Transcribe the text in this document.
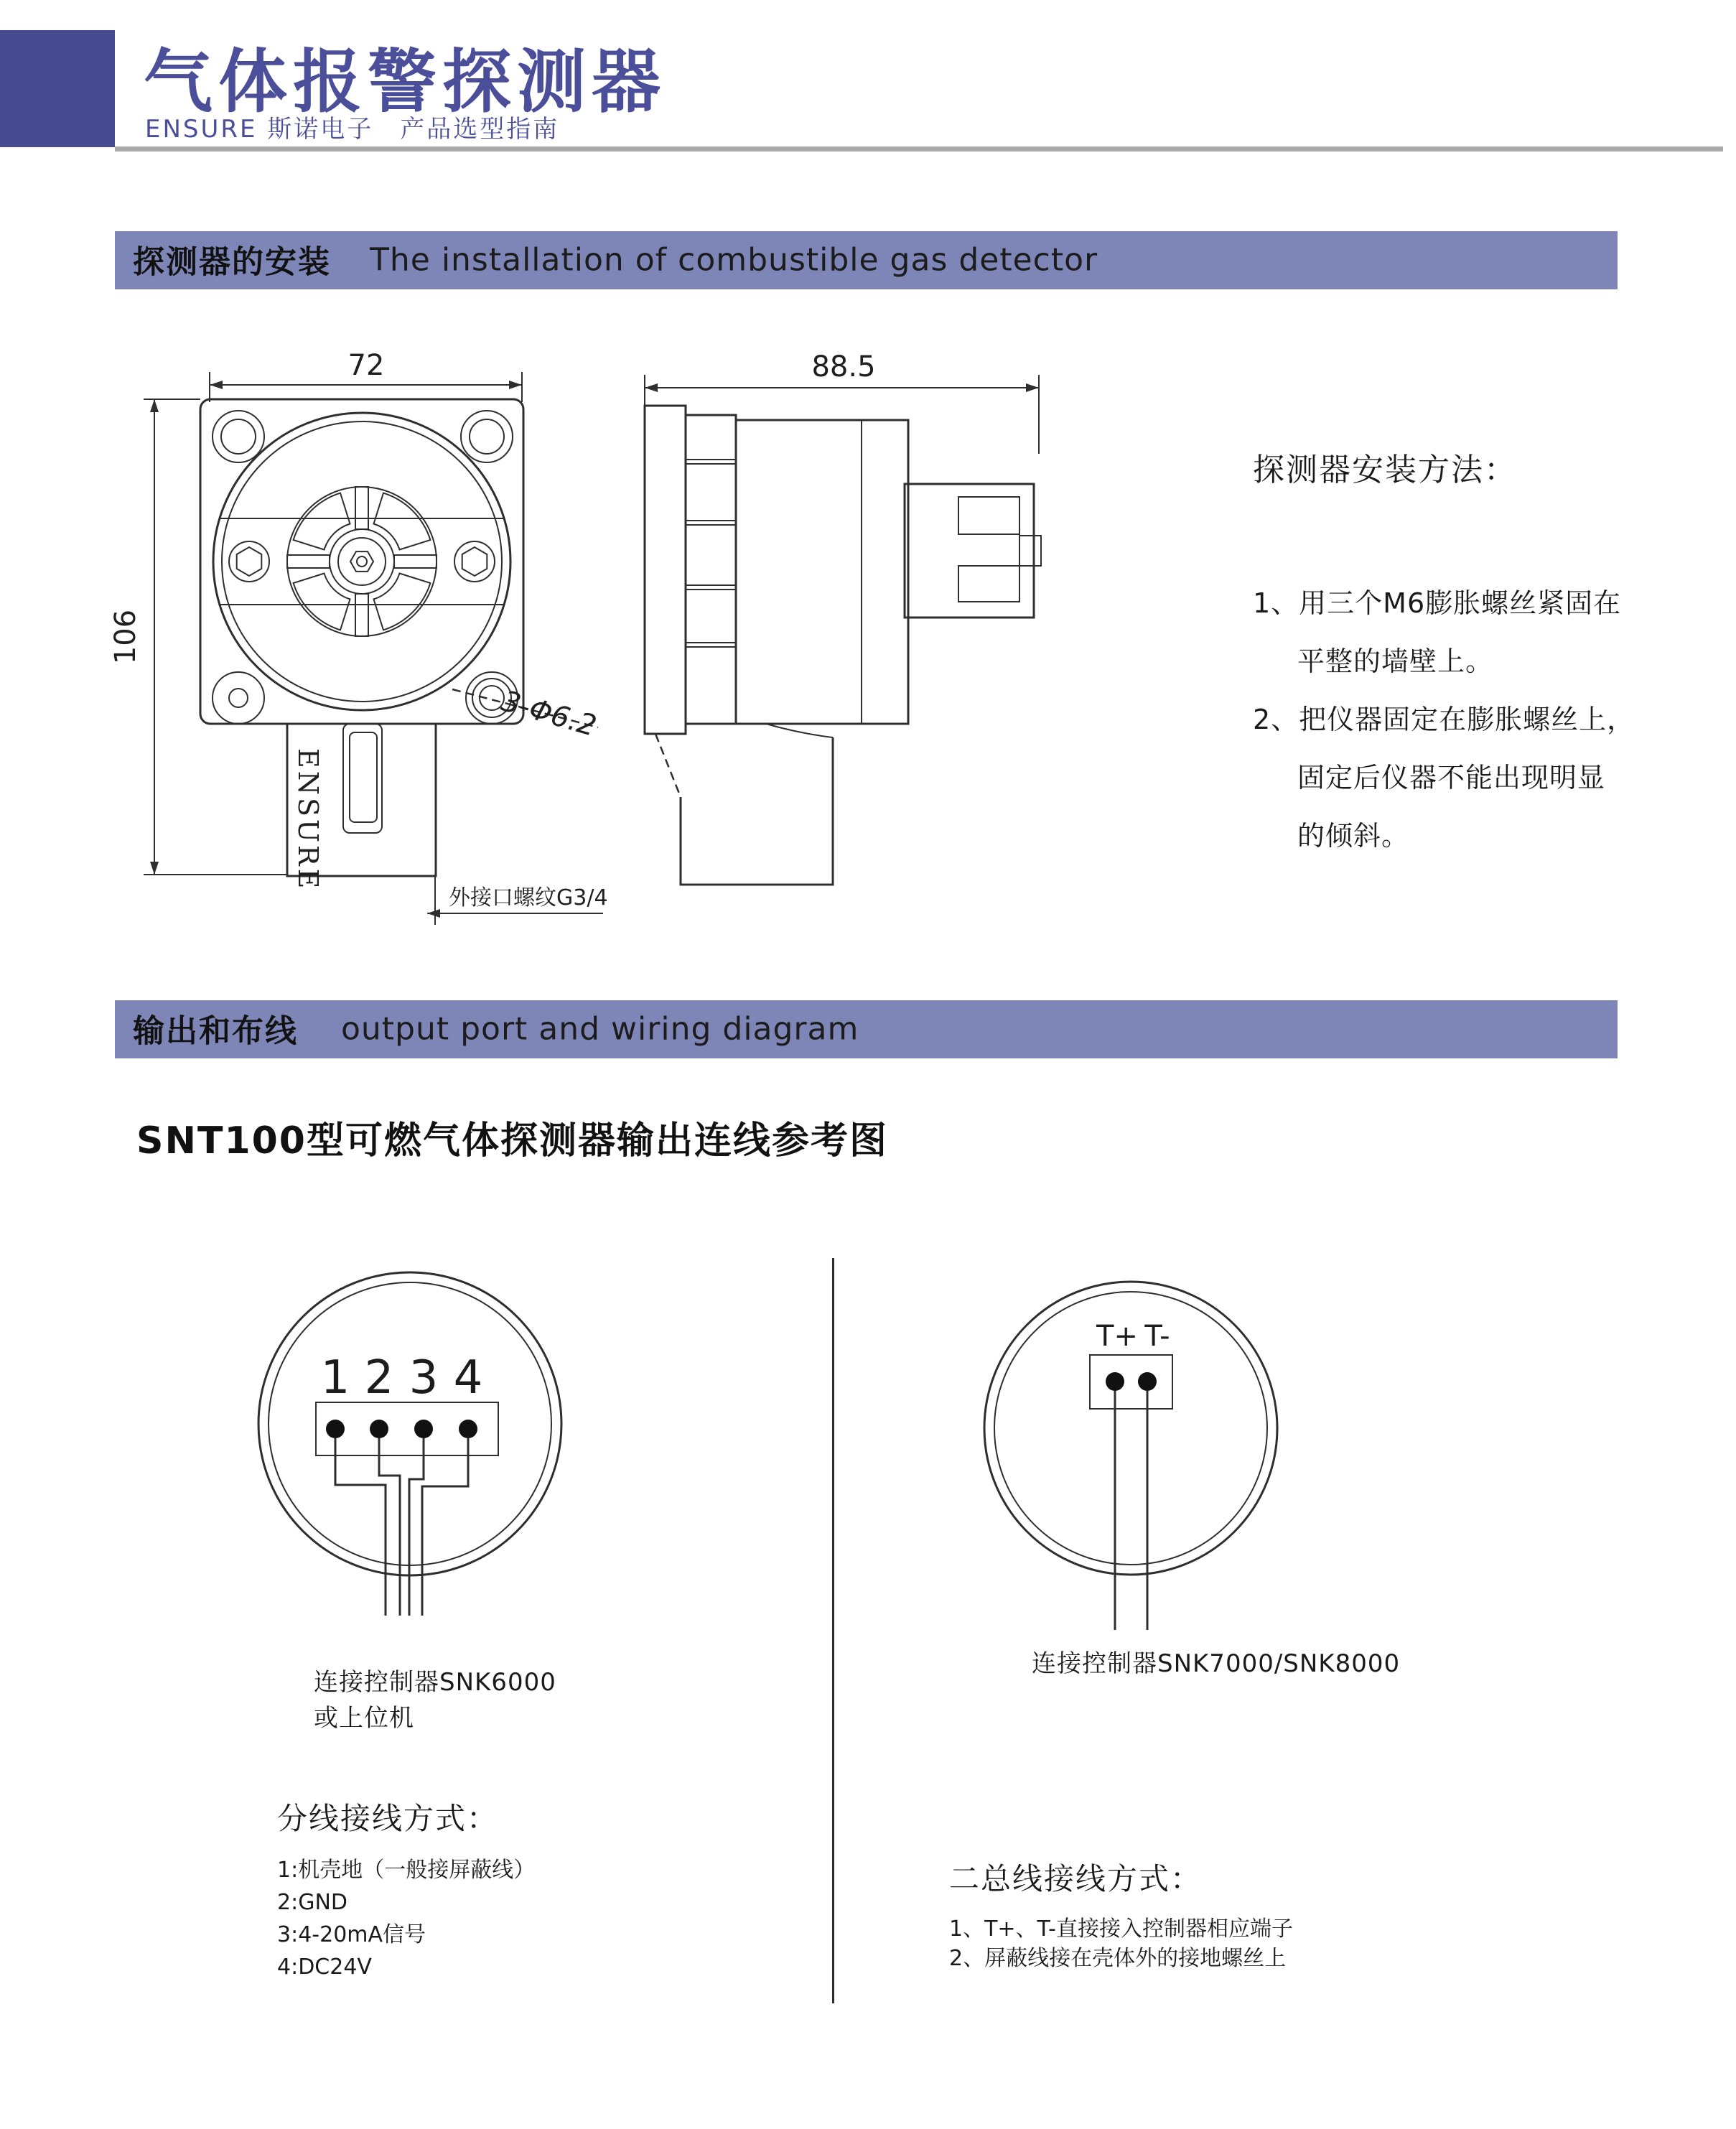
气体报警探测器
ENSURE 斯诺电子　产品选型指南
探测器的安装 The installation of combustible gas detector
72
106
ENSURE
3-Φ6.2
外接口螺纹G3/4
88.5
探测器安装方法：
1、用三个M6膨胀螺丝紧固在
平整的墙壁上。
2、把仪器固定在膨胀螺丝上，
固定后仪器不能出现明显
的倾斜。
输出和布线 output port and wiring diagram
SNT100型可燃气体探测器输出连线参考图
1 2 3 4
T+ T-
连接控制器SNK6000
或上位机
连接控制器SNK7000/SNK8000
分线接线方式：
1:机壳地（一般接屏蔽线）
2:GND
3:4-20mA信号
4:DC24V
二总线接线方式：
1、T+、T-直接接入控制器相应端子
2、屏蔽线接在壳体外的接地螺丝上
